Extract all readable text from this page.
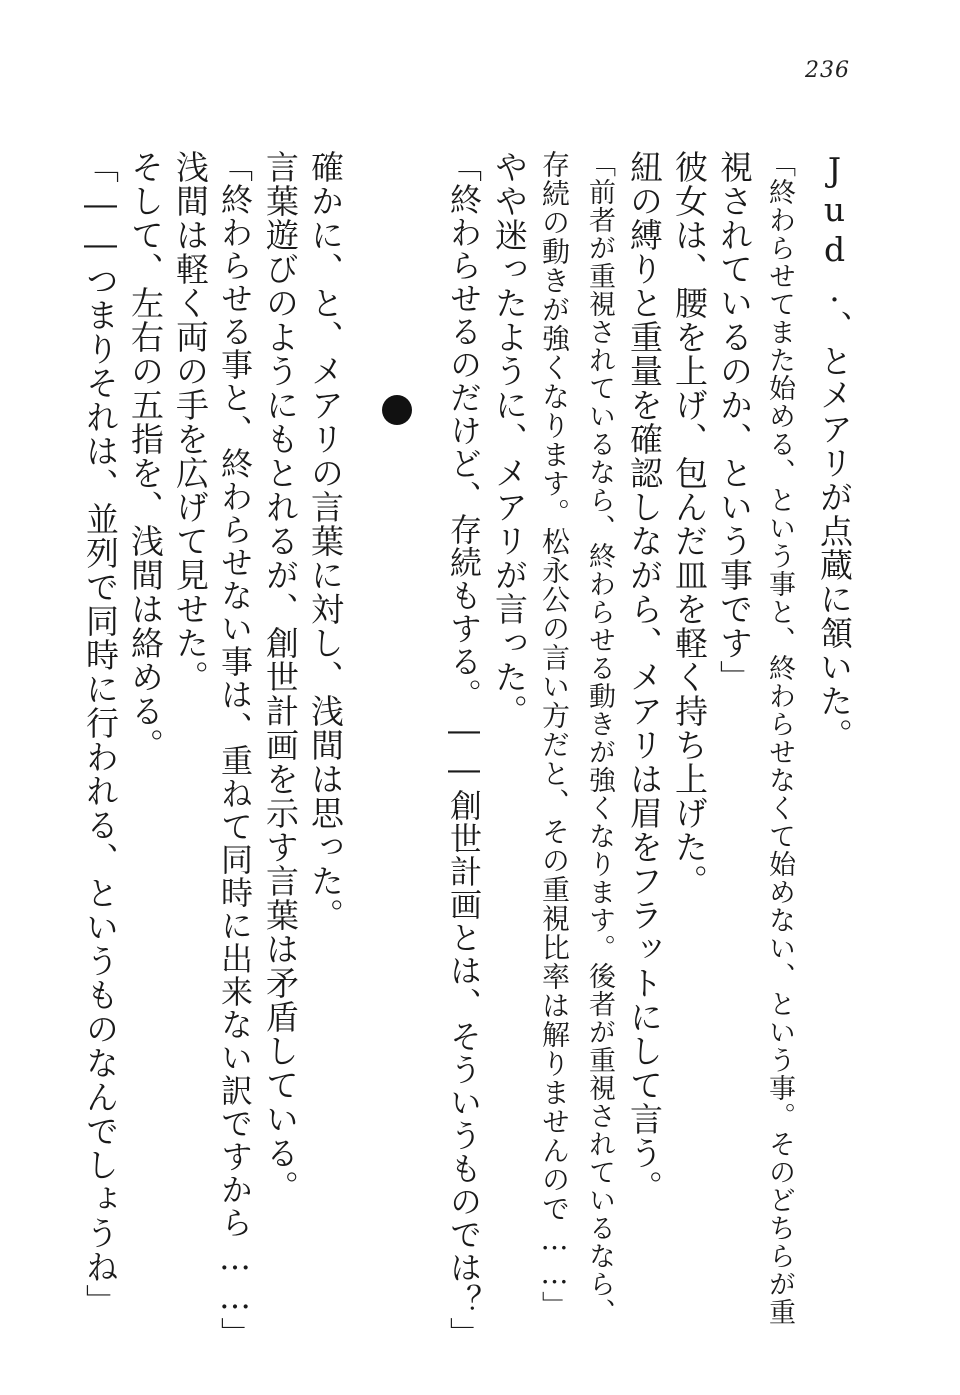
236
Jud.、とメアリが点蔵に頷いた。
「終わらせてまた始める、という事と、終わらせなくて始めない、という事。そのどちらが重
視されているのか、という事です」
彼女は、腰を上げ、包んだ皿を軽く持ち上げた。
紐の縛りと重量を確認しながら、メアリは眉をフラットにして言う。
「前者が重視されているなら、終わらせる動きが強くなります。後者が重視されているなら、
存続の動きが強くなります。松永公の言い方だと、その重視比率は解りませんので……」
やや迷ったように、メアリが言った。
「終わらせるのだけど、存続もする。――創世計画とは、そういうものでは？」
確かに、と、メアリの言葉に対し、浅間は思った。
言葉遊びのようにもとれるが、創世計画を示す言葉は矛盾している。
「終わらせる事と、終わらせない事は、重ねて同時に出来ない訳ですから……」
浅間は軽く両の手を広げて見せた。
そして、左右の五指を、浅間は絡める。
「――つまりそれは、並列で同時に行われる、というものなんでしょうね」
